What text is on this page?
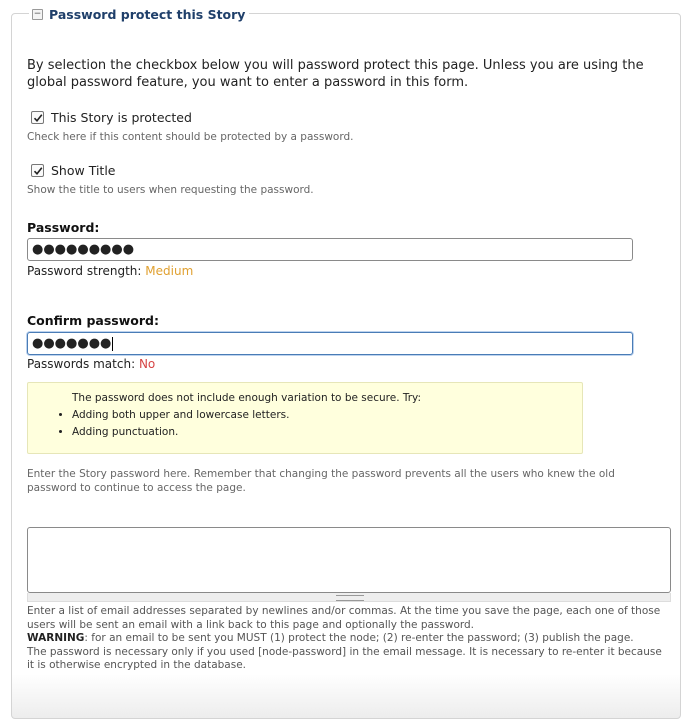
− Password protect this Story
By selection the checkbox below you will password protect this page. Unless you are using the global password feature, you want to enter a password in this form.
This Story is protected
Check here if this content should be protected by a password.
Show Title
Show the title to users when requesting the password.
Password:
●●●●●●●●●
Password strength: Medium
Confirm password:
●●●●●●●
Passwords match: No
The password does not include enough variation to be secure. Try:
• Adding both upper and lowercase letters.
• Adding punctuation.
Enter the Story password here. Remember that changing the password prevents all the users who knew the old password to continue to access the page.
Enter a list of email addresses separated by newlines and/or commas. At the time you save the page, each one of those users will be sent an email with a link back to this page and optionally the password.
WARNING: for an email to be sent you MUST (1) protect the node; (2) re-enter the password; (3) publish the page.
The password is necessary only if you used [node-password] in the email message. It is necessary to re-enter it because it is otherwise encrypted in the database.
